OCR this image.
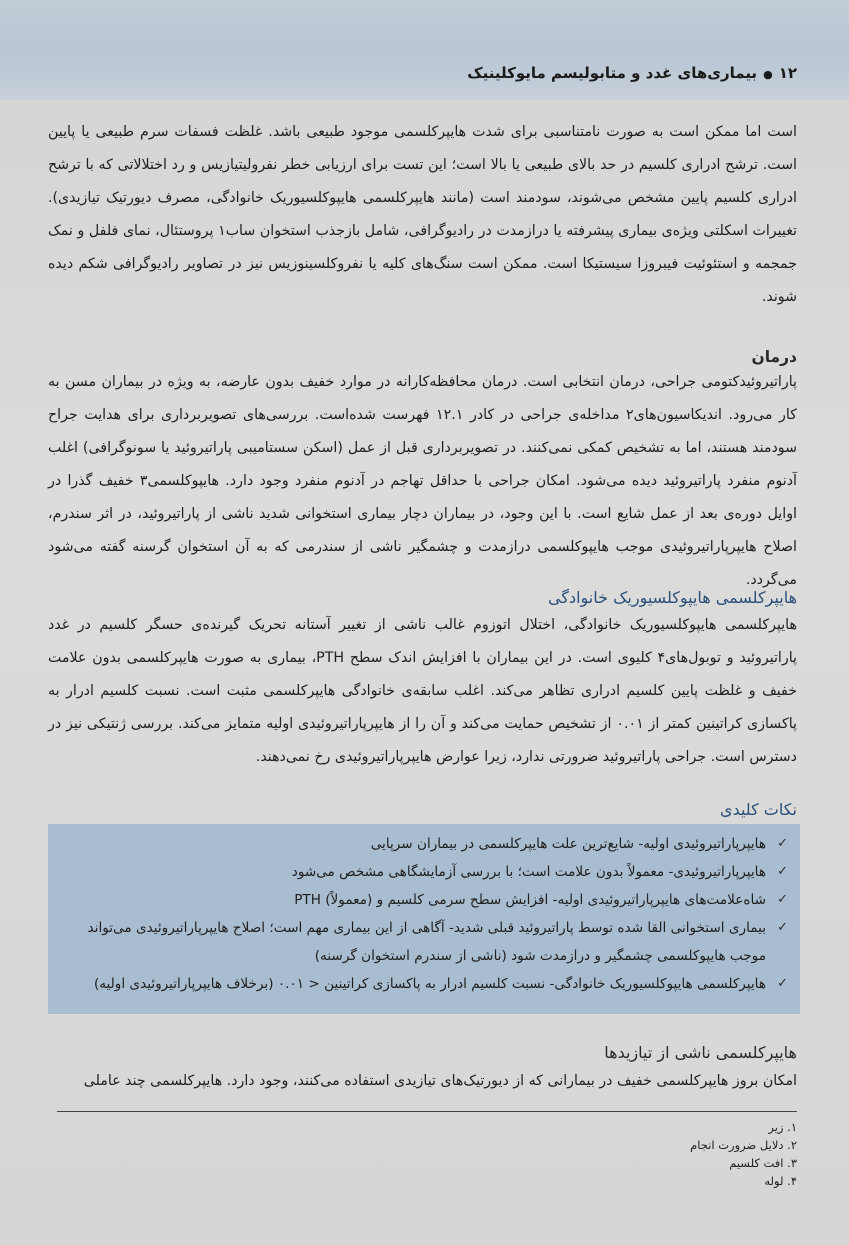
۱۲●بیماری‌های غدد و متابولیسم مایوکلینیک

است اما ممکن است به صورت نامتناسبی برای شدت هایپرکلسمی موجود طبیعی باشد. غلظت فسفات سرم طبیعی یا پایین است. ترشح ادراری کلسیم در حد بالای طبیعی یا بالا است؛ این تست برای ارزیابی خطر نفرولیتیازیس و رد اختلالاتی که با ترشح ادراری کلسیم پایین مشخص می‌شوند، سودمند است (مانند هایپرکلسمی هایپوکلسیوریک خانوادگی، مصرف دیورتیک تیازیدی). تغییرات اسکلتی ویژه‌ی بیماری پیشرفته یا درازمدت در رادیوگرافی، شامل بازجذب استخوان ساب‌۱ پروستئال، نمای فلفل و نمک جمجمه و استئوئیت فیبروزا سیستیکا است. ممکن است سنگ‌های کلیه یا نفروکلسینوزیس نیز در تصاویر رادیوگرافی شکم دیده شوند.

درمان

پاراتیروئیدکتومی جراحی، درمان انتخابی است. درمان محافظه‌کارانه در موارد خفیف بدون عارضه، به ویژه در بیماران مسن به کار می‌رود. اندیکاسیون‌های۲ مداخله‌ی جراحی در کادر ۱۲.۱ فهرست شده‌است. بررسی‌های تصویربرداری برای هدایت جراح سودمند هستند، اما به تشخیص کمکی نمی‌کنند. در تصویربرداری قبل از عمل (اسکن سستامیبی پاراتیروئید یا سونوگرافی) اغلب آدنوم منفرد پاراتیروئید دیده می‌شود. امکان جراحی با حداقل تهاجم در آدنوم منفرد وجود دارد. هایپوکلسمی۳ خفیف گذرا در اوایل دوره‌ی بعد از عمل شایع است. با این وجود، در بیماران دچار بیماری استخوانی شدید ناشی از پاراتیروئید، در اثر سندرم، اصلاح هایپرپاراتیروئیدی موجب هایپوکلسمی درازمدت و چشمگیر ناشی از سندرمی که به آن استخوان گرسنه گفته می‌شود می‌گردد.

هایپرکلسمی هایپوکلسیوریک خانوادگی

هایپرکلسمی هایپوکلسیوریک خانوادگی، اختلال اتوزوم غالب ناشی از تغییر آستانه تحریک گیرنده‌ی حسگر کلسیم در غدد پاراتیروئید و توبول‌های۴ کلیوی است. در این بیماران با افزایش اندک سطح PTH، بیماری به صورت هایپرکلسمی بدون علامت خفیف و غلظت پایین کلسیم ادراری تظاهر می‌کند. اغلب سابقه‌ی خانوادگی هایپرکلسمی مثبت است. نسبت کلسیم ادرار به پاکسازی کراتینین کمتر از ۰.۰۱ از تشخیص حمایت می‌کند و آن را از هایپرپاراتیروئیدی اولیه متمایز می‌کند. بررسی ژنتیکی نیز در دسترس است. جراحی پاراتیروئید ضرورتی ندارد، زیرا عوارض هایپرپاراتیروئیدی رخ نمی‌دهند.

نکات کلیدی
✓
هایپرپاراتیروئیدی اولیه- شایع‌ترین علت هایپرکلسمی در بیماران سرپایی
✓
هایپرپاراتیروئیدی- معمولاً بدون علامت است؛ با بررسی آزمایشگاهی مشخص می‌شود
✓
شاه‌علامت‌های هایپرپاراتیروئیدی اولیه- افزایش سطح سرمی کلسیم و (معمولاً) PTH
✓
بیماری استخوانی القا شده توسط پاراتیروئید قبلی شدید- آگاهی از این بیماری مهم است؛ اصلاح هایپرپاراتیروئیدی می‌تواند موجب هایپوکلسمی چشمگیر و درازمدت شود (ناشی از سندرم استخوان گرسنه)
✓
هایپرکلسمی هایپوکلسیوریک خانوادگی- نسبت کلسیم ادرار به پاکسازی کراتینین < ۰.۰۱ (برخلاف هایپرپاراتیروئیدی اولیه)
هایپرکلسمی ناشی از تیازیدها

امکان بروز هایپرکلسمی خفیف در بیمارانی که از دیورتیک‌های تیازیدی استفاده می‌کنند، وجود دارد. هایپرکلسمی چند عاملی

۱. زیر
۲. دلایل ضرورت انجام
۳. افت کلسیم
۴. لوله
